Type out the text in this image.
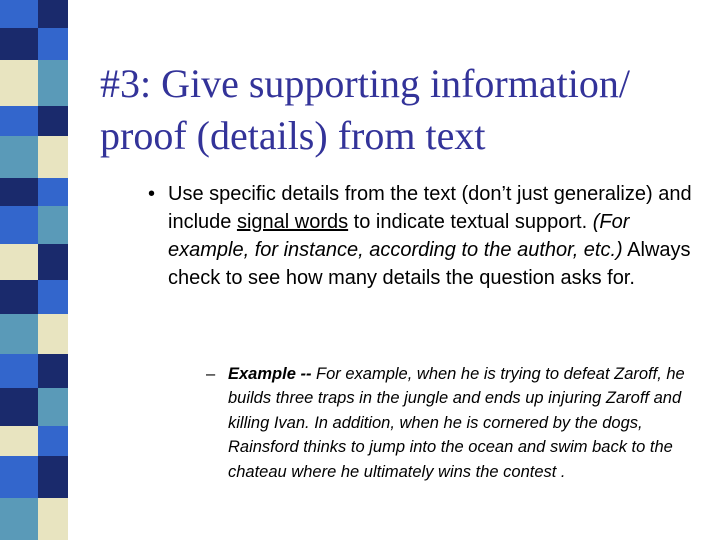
#3: Give supporting information/
proof (details) from text
• Use specific details from the text (don’t just generalize) and include signal words to indicate textual support. (For example, for instance, according to the author, etc.) Always check to see how many details the question asks for.
– Example -- For example, when he is trying to defeat Zaroff, he builds three traps in the jungle and ends up injuring Zaroff and killing Ivan. In addition, when he is cornered by the dogs, Rainsford thinks to jump into the ocean and swim back to the chateau where he ultimately wins the contest .
